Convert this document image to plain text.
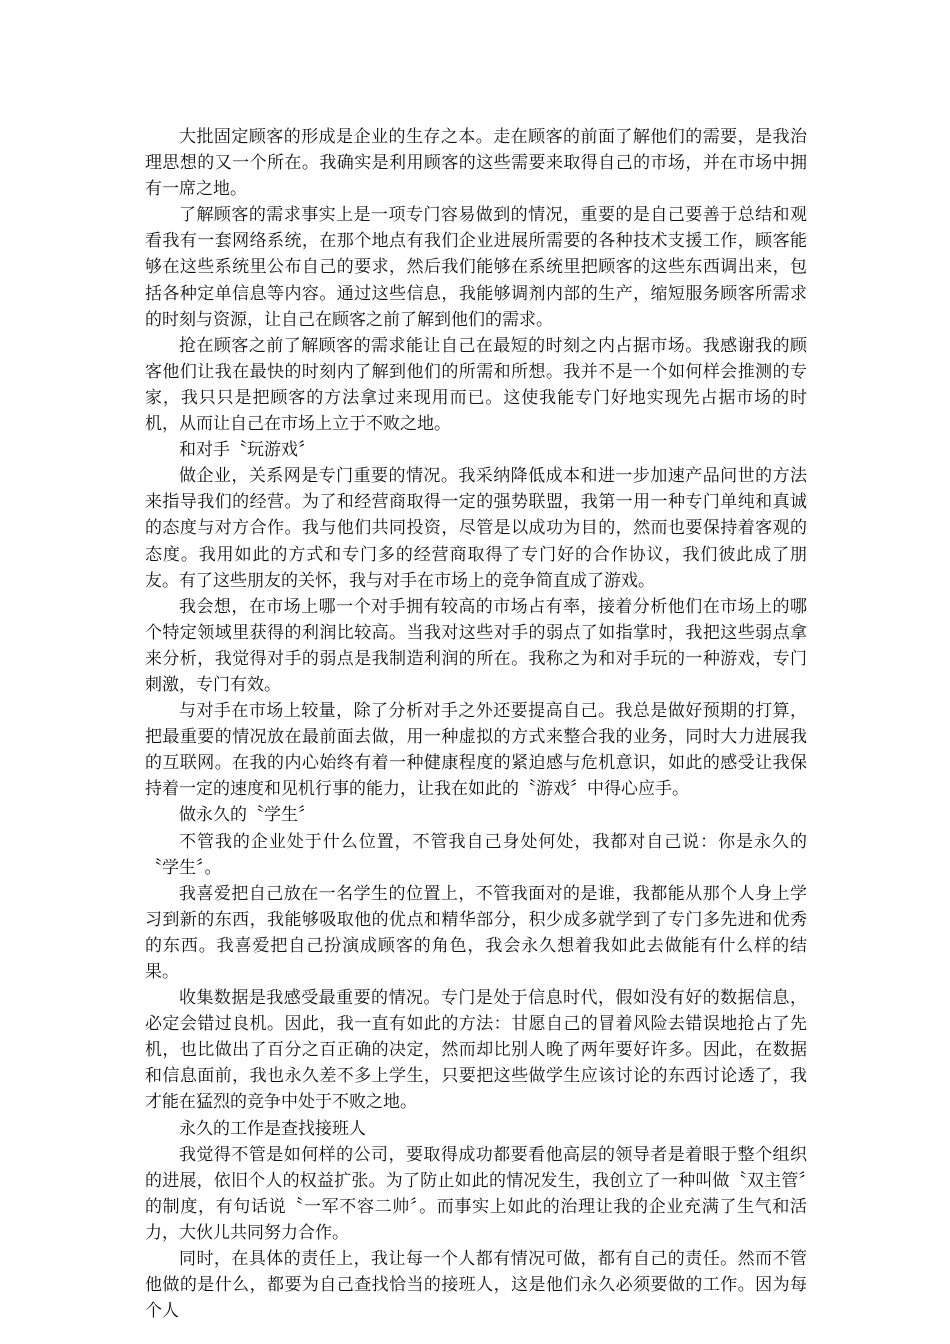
大批固定顾客的形成是企业的生存之本。走在顾客的前面了解他们的需要，是我治理思想的又一个所在。我确实是利用顾客的这些需要来取得自己的市场，并在市场中拥有一席之地。

了解顾客的需求事实上是一项专门容易做到的情况，重要的是自己要善于总结和观看我有一套网络系统，在那个地点有我们企业进展所需要的各种技术支援工作，顾客能够在这些系统里公布自己的要求，然后我们能够在系统里把顾客的这些东西调出来，包括各种定单信息等内容。通过这些信息，我能够调剂内部的生产，缩短服务顾客所需求的时刻与资源，让自己在顾客之前了解到他们的需求。

抢在顾客之前了解顾客的需求能让自己在最短的时刻之内占据市场。我感谢我的顾客他们让我在最快的时刻内了解到他们的所需和所想。我并不是一个如何样会推测的专家，我只只是把顾客的方法拿过来现用而已。这使我能专门好地实现先占据市场的时机，从而让自己在市场上立于不败之地。

和对手〝玩游戏〞

做企业，关系网是专门重要的情况。我采纳降低成本和进一步加速产品问世的方法来指导我们的经营。为了和经营商取得一定的强势联盟，我第一用一种专门单纯和真诚的态度与对方合作。我与他们共同投资，尽管是以成功为目的，然而也要保持着客观的态度。我用如此的方式和专门多的经营商取得了专门好的合作协议，我们彼此成了朋友。有了这些朋友的关怀，我与对手在市场上的竞争简直成了游戏。

我会想，在市场上哪一个对手拥有较高的市场占有率，接着分析他们在市场上的哪个特定领域里获得的利润比较高。当我对这些对手的弱点了如指掌时，我把这些弱点拿来分析，我觉得对手的弱点是我制造利润的所在。我称之为和对手玩的一种游戏，专门刺激，专门有效。

与对手在市场上较量，除了分析对手之外还要提高自己。我总是做好预期的打算，把最重要的情况放在最前面去做，用一种虚拟的方式来整合我的业务，同时大力进展我的互联网。在我的内心始终有着一种健康程度的紧迫感与危机意识，如此的感受让我保持着一定的速度和见机行事的能力，让我在如此的〝游戏〞中得心应手。

做永久的〝学生〞

不管我的企业处于什么位置，不管我自己身处何处，我都对自己说：你是永久的〝学生〞。

我喜爱把自己放在一名学生的位置上，不管我面对的是谁，我都能从那个人身上学习到新的东西，我能够吸取他的优点和精华部分，积少成多就学到了专门多先进和优秀的东西。我喜爱把自己扮演成顾客的角色，我会永久想着我如此去做能有什么样的结果。

收集数据是我感受最重要的情况。专门是处于信息时代，假如没有好的数据信息，必定会错过良机。因此，我一直有如此的方法：甘愿自己的冒着风险去错误地抢占了先机，也比做出了百分之百正确的决定，然而却比别人晚了两年要好许多。因此，在数据和信息面前，我也永久差不多上学生，只要把这些做学生应该讨论的东西讨论透了，我才能在猛烈的竞争中处于不败之地。

永久的工作是查找接班人

我觉得不管是如何样的公司，要取得成功都要看他高层的领导者是着眼于整个组织的进展，依旧个人的权益扩张。为了防止如此的情况发生，我创立了一种叫做〝双主管〞的制度，有句话说〝一军不容二帅〞。而事实上如此的治理让我的企业充满了生气和活力，大伙儿共同努力合作。

同时，在具体的责任上，我让每一个人都有情况可做，都有自己的责任。然而不管他做的是什么，都要为自己查找恰当的接班人，这是他们永久必须要做的工作。因为每个人
